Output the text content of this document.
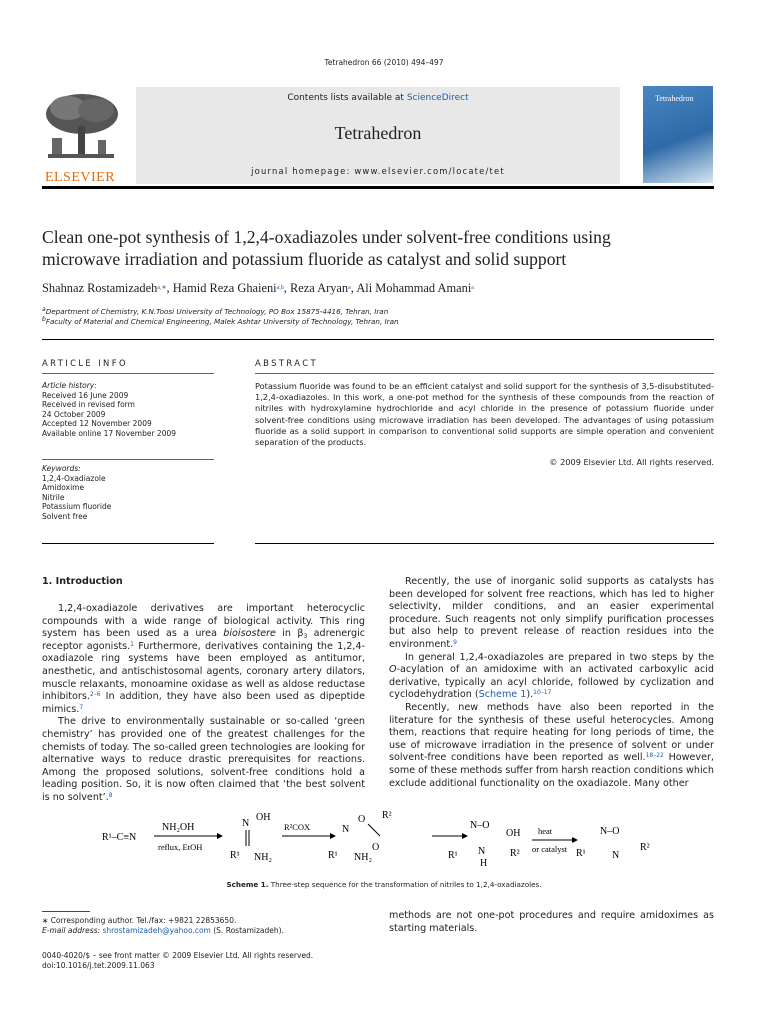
Tetrahedron 66 (2010) 494–497
ELSEVIER
Contents lists available at ScienceDirect
Tetrahedron
journal homepage: www.elsevier.com/locate/tet
Tetrahedron
Clean one-pot synthesis of 1,2,4-oxadiazoles under solvent-free conditions using
microwave irradiation and potassium fluoride as catalyst and solid support
Shahnaz Rostamizadeh$^{a,∗}$, Hamid Reza Ghaieni$^{a,b}$, Reza Aryan$^a$, Ali Mohammad Amani$^a$
$^a$Department of Chemistry, K.N.Toosi University of Technology, PO Box 15875-4416, Tehran, Iran
$^b$Faculty of Material and Chemical Engineering, Malek Ashtar University of Technology, Tehran, Iran
ARTICLE INFO
Article history:
Received 16 June 2009
Received in revised form
24 October 2009
Accepted 12 November 2009
Available online 17 November 2009
Keywords:
1,2,4-Oxadiazole
Amidoxime
Nitrile
Potassium fluoride
Solvent free
ABSTRACT
Potassium fluoride was found to be an efficient catalyst and solid support for the synthesis of 3,5-disubstituted-1,2,4-oxadiazoles. In this work, a one-pot method for the synthesis of these compounds from the reaction of nitriles with hydroxylamine hydrochloride and acyl chloride in the presence of potassium fluoride under solvent-free conditions using microwave irradiation has been developed. The advantages of using potassium fluoride as a solid support in comparison to conventional solid supports are simple operation and convenient separation of the products.
© 2009 Elsevier Ltd. All rights reserved.
1. Introduction

1,2,4-oxadiazole derivatives are important heterocyclic compounds with a wide range of biological activity. This ring system has been used as a urea bioisostere in $\beta_3$ adrenergic receptor agonists.$^1$ Furthermore, derivatives containing the 1,2,4-oxadiazole ring systems have been employed as antitumor, anesthetic, and antischistosomal agents, coronary artery dilators, muscle relaxants, monoamine oxidase as well as aldose reductase inhibitors.$^{2-6}$ In addition, they have also been used as dipeptide mimics.$^7$

The drive to environmentally sustainable or so-called ‘green chemistry’ has provided one of the greatest challenges for the chemists of today. The so-called green technologies are looking for alternative ways to reduce drastic prerequisites for reactions. Among the proposed solutions, solvent-free conditions hold a leading position. So, it is now often claimed that ‘the best solvent is no solvent’.$^8$

Recently, the use of inorganic solid supports as catalysts has been developed for solvent free reactions, which has led to higher selectivity, milder conditions, and an easier experimental procedure. Such reagents not only simplify purification processes but also help to prevent release of reaction residues into the environment.$^9$

In general 1,2,4-oxadiazoles are prepared in two steps by the O-acylation of an amidoxime with an activated carboxylic acid derivative, typically an acyl chloride, followed by cyclization and cyclodehydration (Scheme 1).$^{10-17}$

Recently, new methods have also been reported in the literature for the synthesis of these useful heterocycles. Among them, reactions that require heating for long periods of time, the use of microwave irradiation in the presence of solvent or under solvent-free conditions have been reported as well.$^{18-22}$ However, some of these methods suffer from harsh reaction conditions which exclude additional functionality on the oxadiazole. Many other

R¹–C≡N
NH₂OH
reflux, EtOH
N
OH
R¹ NH₂
R²COX	N
O R²
O
R¹ NH₂
N–O
OH
R¹ N
H
R²
heat
or catalyst
N–O
R¹	N
R²
Scheme 1. Three-step sequence for the transformation of nitriles to 1,2,4-oxadiazoles.
∗ Corresponding author. Tel./fax: +9821 22853650.
E-mail address: shrostamizadeh@yahoo.com (S. Rostamizadeh).
methods are not one-pot procedures and require amidoximes as starting materials.
0040-4020/$ – see front matter © 2009 Elsevier Ltd. All rights reserved.
doi:10.1016/j.tet.2009.11.063
